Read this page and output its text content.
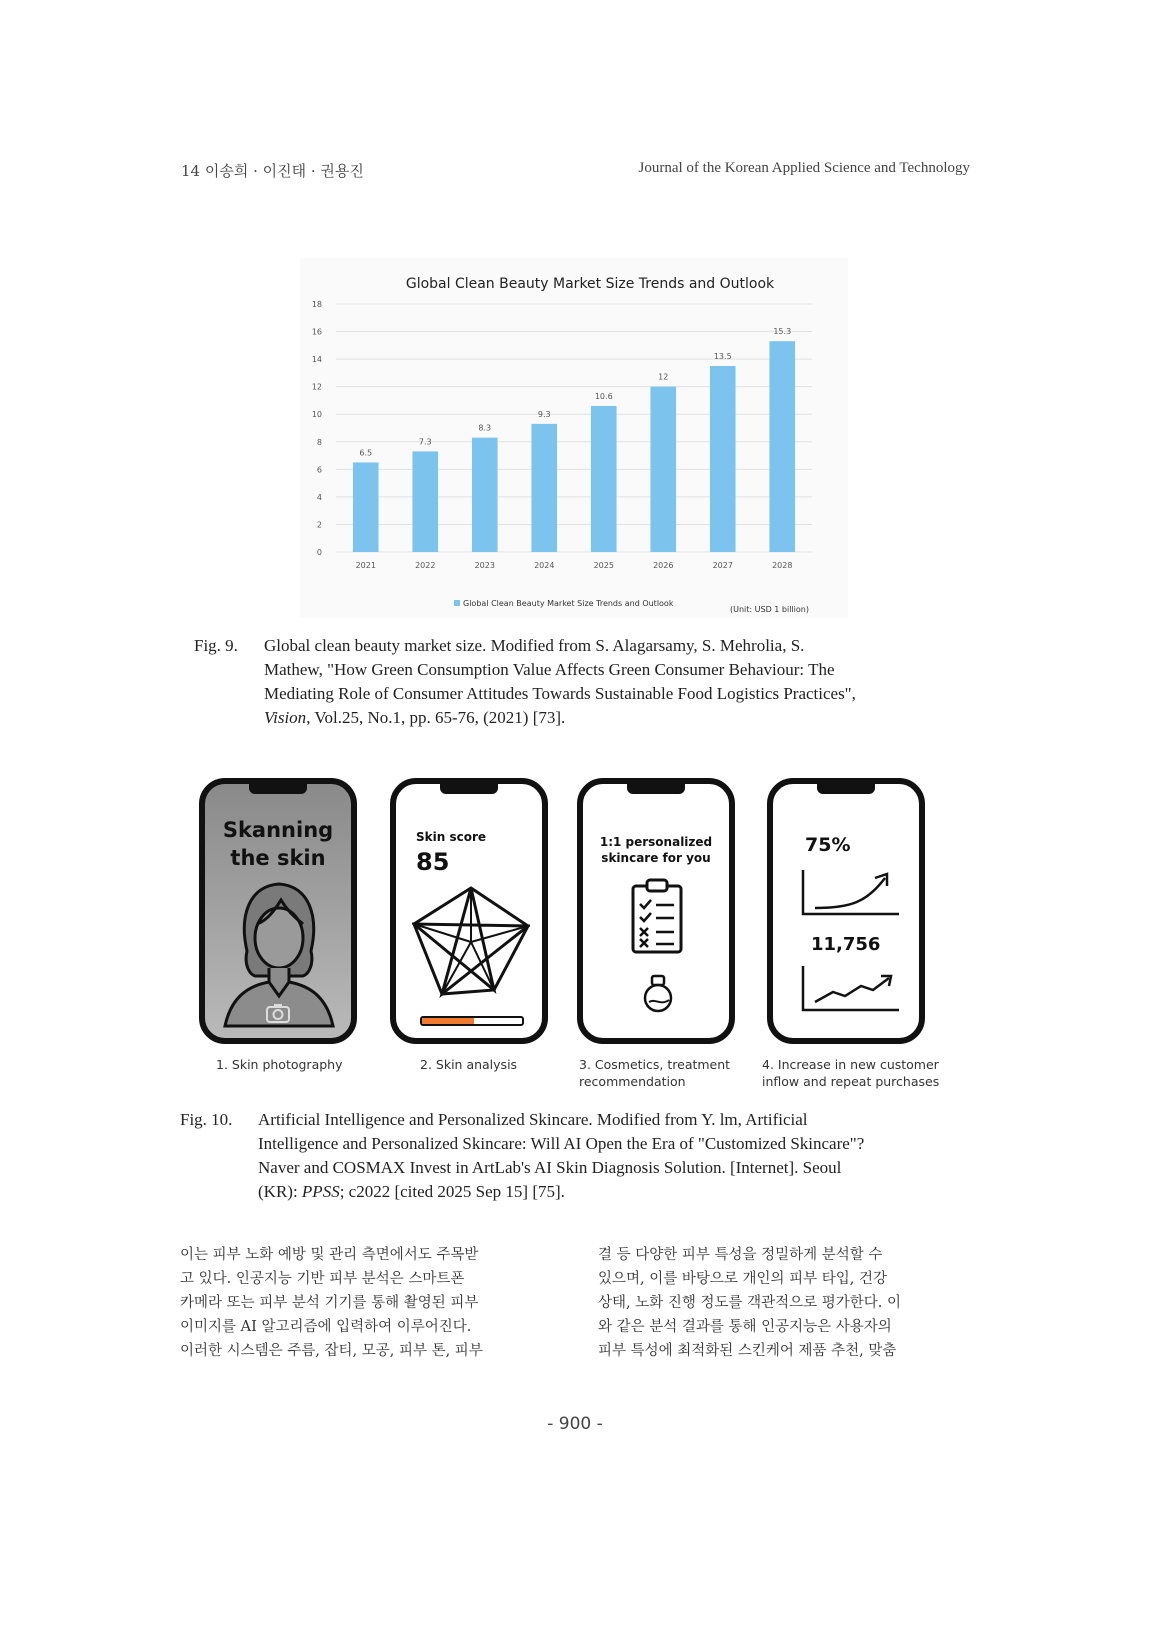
14 이송희 · 이진태 · 권용진	Journal of the Korean Applied Science and Technology
Global Clean Beauty Market Size Trends and Outlook
0
2
4
6
8
10
12
14
16
18
6.5
7.3
8.3
9.3
10.6
12
13.5
15.3
2021	2022	2023	2024	2025	2026	2027	2028
Global Clean Beauty Market Size Trends and Outlook
(Unit: USD 1 billion)
Fig. 9. Global clean beauty market size. Modified from S. Alagarsamy, S. Mehrolia, S.
Mathew, "How Green Consumption Value Affects Green Consumer Behaviour: The
Mediating Role of Consumer Attitudes Towards Sustainable Food Logistics Practices",
Vision, Vol.25, No.1, pp. 65-76, (2021) [73].
Skanning
the skin
Skin score
85
1:1 personalized
skincare for you
75%
11,756
1. Skin photography	2. Skin analysis	3. Cosmetics, treatment
recommendation
4. Increase in new customer
inflow and repeat purchases
Fig. 10. Artificial Intelligence and Personalized Skincare. Modified from Y. lm, Artificial
Intelligence and Personalized Skincare: Will AI Open the Era of "Customized Skincare"?
Naver and COSMAX Invest in ArtLab's AI Skin Diagnosis Solution. [Internet]. Seoul
(KR): PPSS; c2022 [cited 2025 Sep 15] [75].

이는 피부 노화 예방 및 관리 측면에서도 주목받

고 있다. 인공지능 기반 피부 분석은 스마트폰

카메라 또는 피부 분석 기기를 통해 촬영된 피부

이미지를 AI 알고리즘에 입력하여 이루어진다.

이러한 시스템은 주름, 잡티, 모공, 피부 톤, 피부

결 등 다양한 피부 특성을 정밀하게 분석할 수

있으며, 이를 바탕으로 개인의 피부 타입, 건강

상태, 노화 진행 정도를 객관적으로 평가한다. 이

와 같은 분석 결과를 통해 인공지능은 사용자의

피부 특성에 최적화된 스킨케어 제품 추천, 맞춤

- 900 -
